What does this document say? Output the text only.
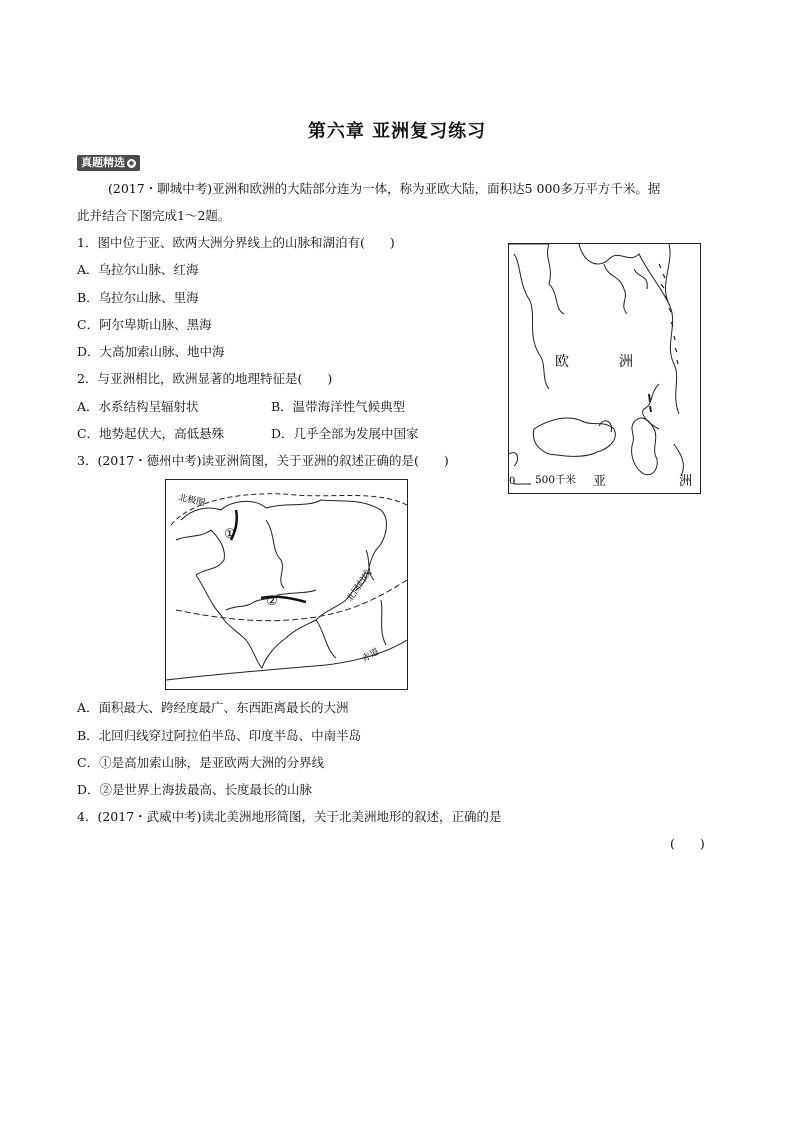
第六章 亚洲复习练习
真题精选 ◆
(2017・聊城中考)亚洲和欧洲的大陆部分连为一体，称为亚欧大陆，面积达5 000多万平方千米。据
此并结合下图完成1～2题。
1．图中位于亚、欧两大洲分界线上的山脉和湖泊有(　　)
A．乌拉尔山脉、红海
B．乌拉尔山脉、里海
C．阿尔卑斯山脉、黑海
D．大高加索山脉、地中海
2．与亚洲相比，欧洲显著的地理特征是(　　)
A．水系结构呈辐射状	B．温带海洋性气候典型
C．地势起伏大，高低悬殊	D．几乎全部为发展中国家
3．(2017・德州中考)读亚洲简图，关于亚洲的叙述正确的是(　　)
欧	洲
0 500千米 亚	洲
北极圈
北回归线
赤道
①
②
A．面积最大、跨经度最广、东西距离最长的大洲
B．北回归线穿过阿拉伯半岛、印度半岛、中南半岛
C．①是高加索山脉，是亚欧两大洲的分界线
D．②是世界上海拔最高、长度最长的山脉
4．(2017・武威中考)读北美洲地形简图，关于北美洲地形的叙述，正确的是
(　　)
